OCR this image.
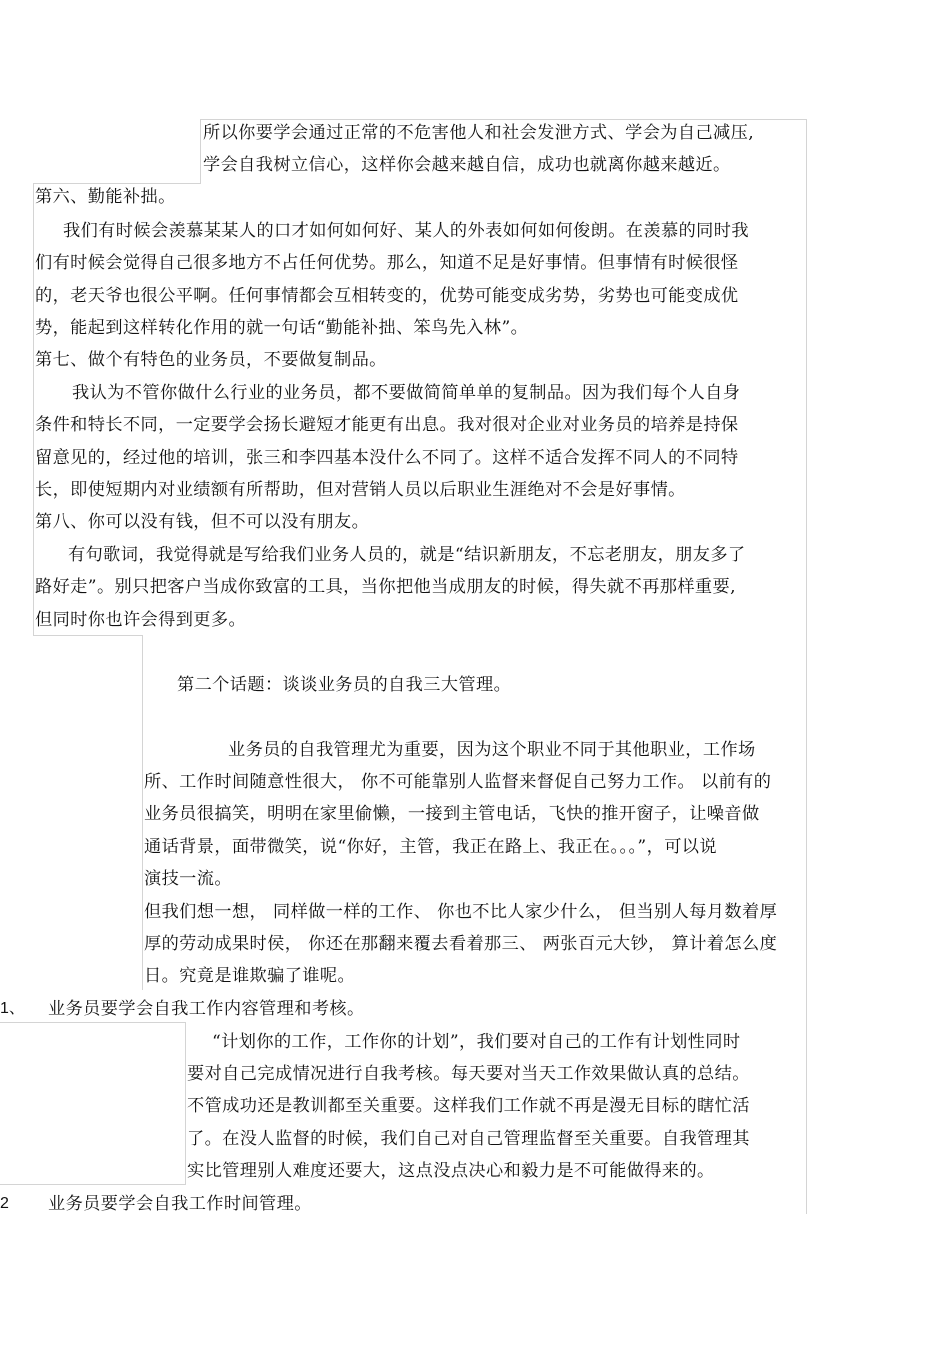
所以你要学会通过正常的不危害他人和社会发泄方式、学会为自己减压,
学会自我树立信心，这样你会越来越自信，成功也就离你越来越近。
第六、勤能补拙。
我们有时候会羡慕某某人的口才如何如何好、某人的外表如何如何俊朗。在羡慕的同时我
们有时候会觉得自己很多地方不占任何优势。那么，知道不足是好事情。但事情有时候很怪
的，老天爷也很公平啊。任何事情都会互相转变的，优势可能变成劣势，劣势也可能变成优
势，能起到这样转化作用的就一句话“勤能补拙、笨鸟先入林”。
第七、做个有特色的业务员，不要做复制品。
我认为不管你做什么行业的业务员，都不要做简简单单的复制品。因为我们每个人自身
条件和特长不同，一定要学会扬长避短才能更有出息。我对很对企业对业务员的培养是持保
留意见的，经过他的培训，张三和李四基本没什么不同了。这样不适合发挥不同人的不同特
长，即使短期内对业绩额有所帮助，但对营销人员以后职业生涯绝对不会是好事情。
第八、你可以没有钱，但不可以没有朋友。
有句歌词，我觉得就是写给我们业务人员的，就是“结识新朋友，不忘老朋友，朋友多了
路好走”。别只把客户当成你致富的工具，当你把他当成朋友的时候，得失就不再那样重要,
但同时你也许会得到更多。
第二个话题：谈谈业务员的自我三大管理。
业务员的自我管理尤为重要，因为这个职业不同于其他职业，工作场
所、工作时间随意性很大， 你不可能靠别人监督来督促自己努力工作。 以前有的
业务员很搞笑，明明在家里偷懒，一接到主管电话，飞快的推开窗子，让噪音做
通话背景，面带微笑，说“你好，主管，我正在路上、我正在。。。”，可以说
演技一流。
但我们想一想， 同样做一样的工作、 你也不比人家少什么， 但当别人每月数着厚
厚的劳动成果时侯， 你还在那翻来覆去看着那三、 两张百元大钞， 算计着怎么度
日。究竟是谁欺骗了谁呢。
1、 业务员要学会自我工作内容管理和考核。
“计划你的工作，工作你的计划”，我们要对自己的工作有计划性同时
要对自己完成情况进行自我考核。每天要对当天工作效果做认真的总结。
不管成功还是教训都至关重要。这样我们工作就不再是漫无目标的瞎忙活
了。在没人监督的时候，我们自己对自己管理监督至关重要。自我管理其
实比管理别人难度还要大，这点没点决心和毅力是不可能做得来的。
2 业务员要学会自我工作时间管理。
